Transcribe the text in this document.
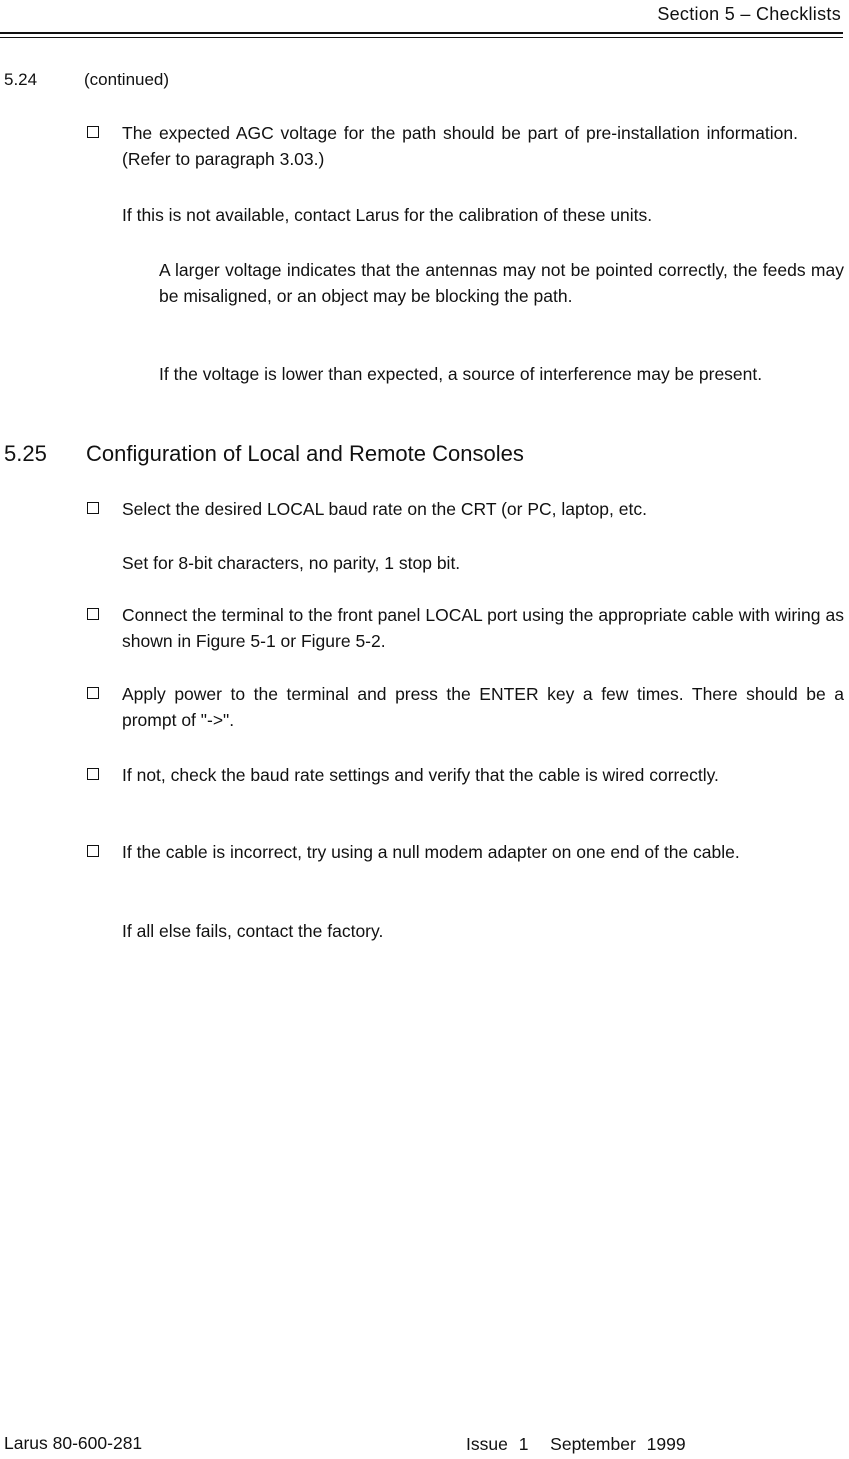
Section 5 – Checklists
5.24	(continued)
The expected AGC voltage for the path should be part of pre-installation information. (Refer to paragraph 3.03.)
If this is not available, contact Larus for the calibration of these units.
A larger voltage indicates that the antennas may not be pointed correctly, the feeds may be misaligned, or an object may be blocking the path.
If the voltage is lower than expected, a source of interference may be present.
5.25 Configuration of Local and Remote Consoles
Select the desired LOCAL baud rate on the CRT (or PC, laptop, etc.
Set for 8-bit characters, no parity, 1 stop bit.
Connect the terminal to the front panel LOCAL port using the appropriate cable with wiring as shown in Figure 5-1 or Figure 5-2.
Apply power to the terminal and press the ENTER key a few times. There should be a prompt of "->".
If not, check the baud rate settings and verify that the cable is wired correctly.
If the cable is incorrect, try using a null modem adapter on one end of the cable.
If all else fails, contact the factory.
Larus 80-600-281	Issue 1 September 1999
